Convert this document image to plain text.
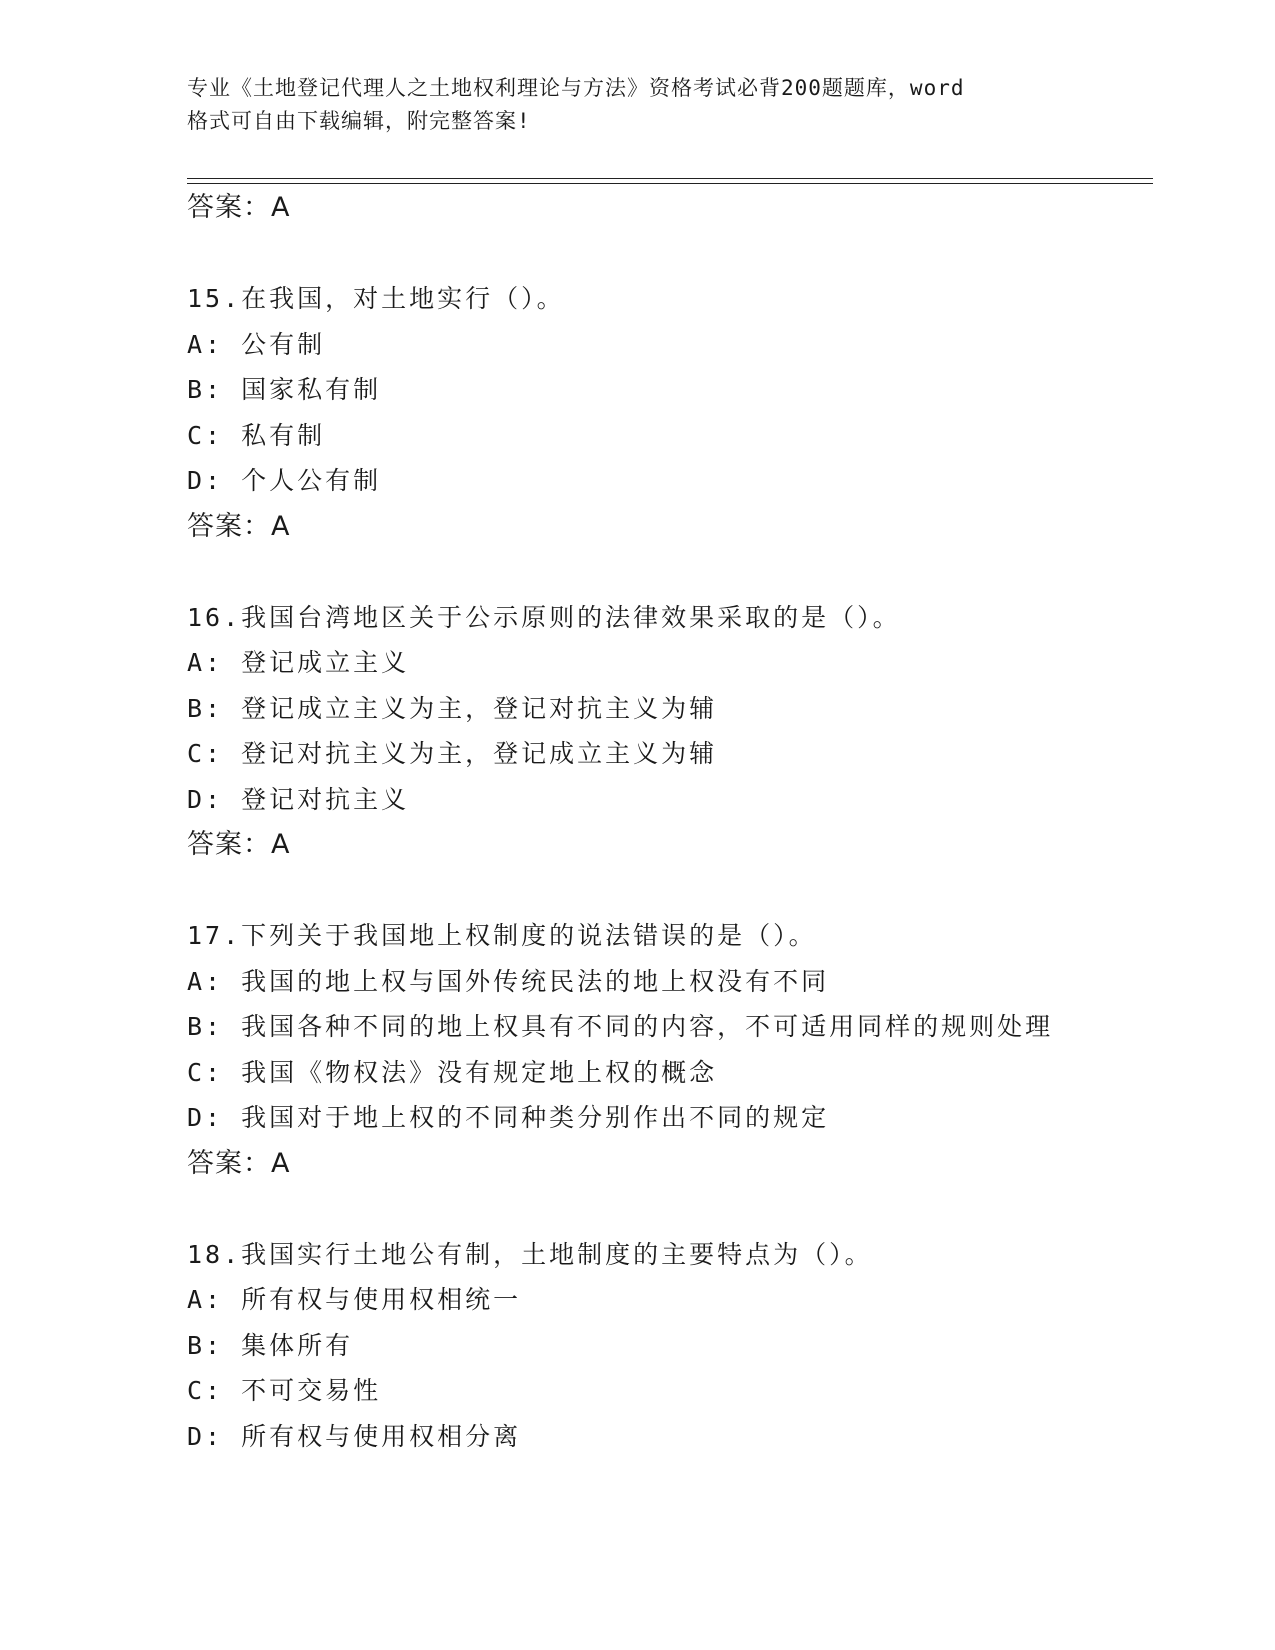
专业《土地登记代理人之土地权利理论与方法》资格考试必背200题题库，word
格式可自由下载编辑，附完整答案!
答案：A
15.在我国，对土地实行（）。
A: 公有制
B: 国家私有制
C: 私有制
D: 个人公有制
答案：A
16.我国台湾地区关于公示原则的法律效果采取的是（）。
A: 登记成立主义
B: 登记成立主义为主，登记对抗主义为辅
C: 登记对抗主义为主，登记成立主义为辅
D: 登记对抗主义
答案：A
17.下列关于我国地上权制度的说法错误的是（）。
A: 我国的地上权与国外传统民法的地上权没有不同
B: 我国各种不同的地上权具有不同的内容，不可适用同样的规则处理
C: 我国《物权法》没有规定地上权的概念
D: 我国对于地上权的不同种类分别作出不同的规定
答案：A
18.我国实行土地公有制，土地制度的主要特点为（）。
A: 所有权与使用权相统一
B: 集体所有
C: 不可交易性
D: 所有权与使用权相分离
